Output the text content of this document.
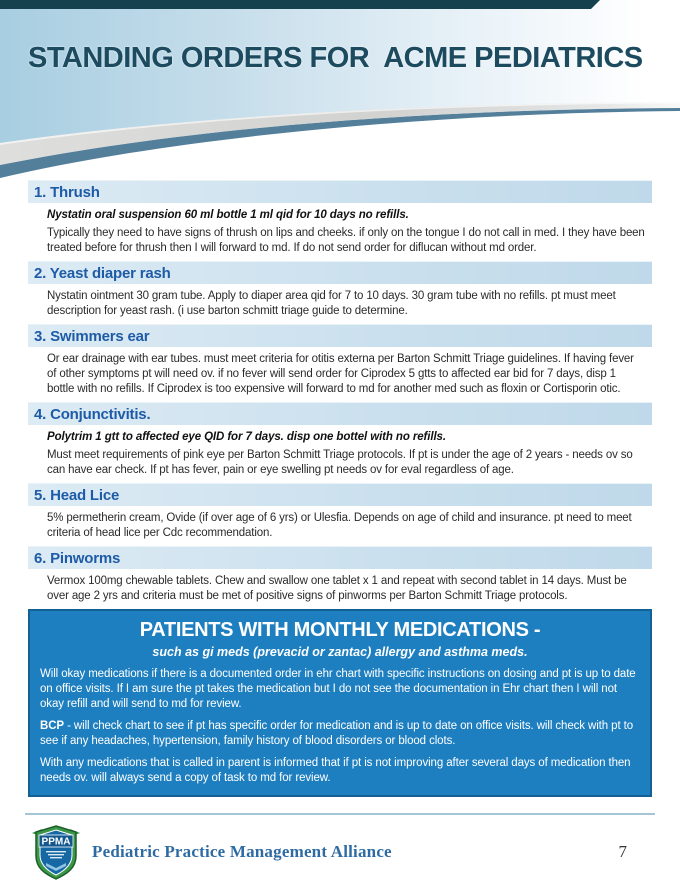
STANDING ORDERS FOR  ACME PEDIATRICS
1. Thrush

Nystatin oral suspension 60 ml bottle 1 ml qid for 10 days no refills.

Typically they need to have signs of thrush on lips and cheeks. if only on the tongue I do not call in med. I they have been treated before for thrush then I will forward to md. If do not send order for diflucan without md order.

2. Yeast diaper rash

Nystatin ointment 30 gram tube. Apply to diaper area qid for 7 to 10 days. 30 gram tube with no refills. pt must meet description for yeast rash. (i use barton schmitt triage guide to determine.

3. Swimmers ear

Or ear drainage with ear tubes. must meet criteria for otitis externa per Barton Schmitt Triage guidelines. If having fever of other symptoms pt will need ov. if no fever will send order for Ciprodex 5 gtts to affected ear bid for 7 days, disp 1 bottle with no refills. If Ciprodex is too expensive will forward to md for another med such as floxin or Cortisporin otic.

4. Conjunctivitis.

Polytrim 1 gtt to affected eye QID for 7 days. disp one bottel with no refills.

Must meet requirements of pink eye per Barton Schmitt Triage protocols. If pt is under the age of 2 years - needs ov so can have ear check. If pt has fever, pain or eye swelling pt needs ov for eval regardless of age.

5. Head Lice

5% permetherin cream, Ovide (if over age of 6 yrs) or Ulesfia. Depends on age of child and insurance. pt need to meet criteria of head lice per Cdc recommendation.

6. Pinworms

Vermox 100mg chewable tablets. Chew and swallow one tablet x 1 and repeat with second tablet in 14 days. Must be over age 2 yrs and criteria must be met of positive signs of pinworms per Barton Schmitt Triage protocols.

PATIENTS WITH MONTHLY MEDICATIONS -

such as gi meds (prevacid or zantac) allergy and asthma meds.

Will okay medications if there is a documented order in ehr chart with specific instructions on dosing and pt is up to date on office visits. If I am sure the pt takes the medication but I do not see the documentation in Ehr chart then I will not okay refill and will send to md for review.

BCP - will check chart to see if pt has specific order for medication and is up to date on office visits. will check with pt to see if any headaches, hypertension, family history of blood disorders or blood clots.

With any medications that is called in parent is informed that if pt is not improving after several days of medication then needs ov. will always send a copy of task to md for review.

PPMA Pediatric Practice Management Alliance	7
